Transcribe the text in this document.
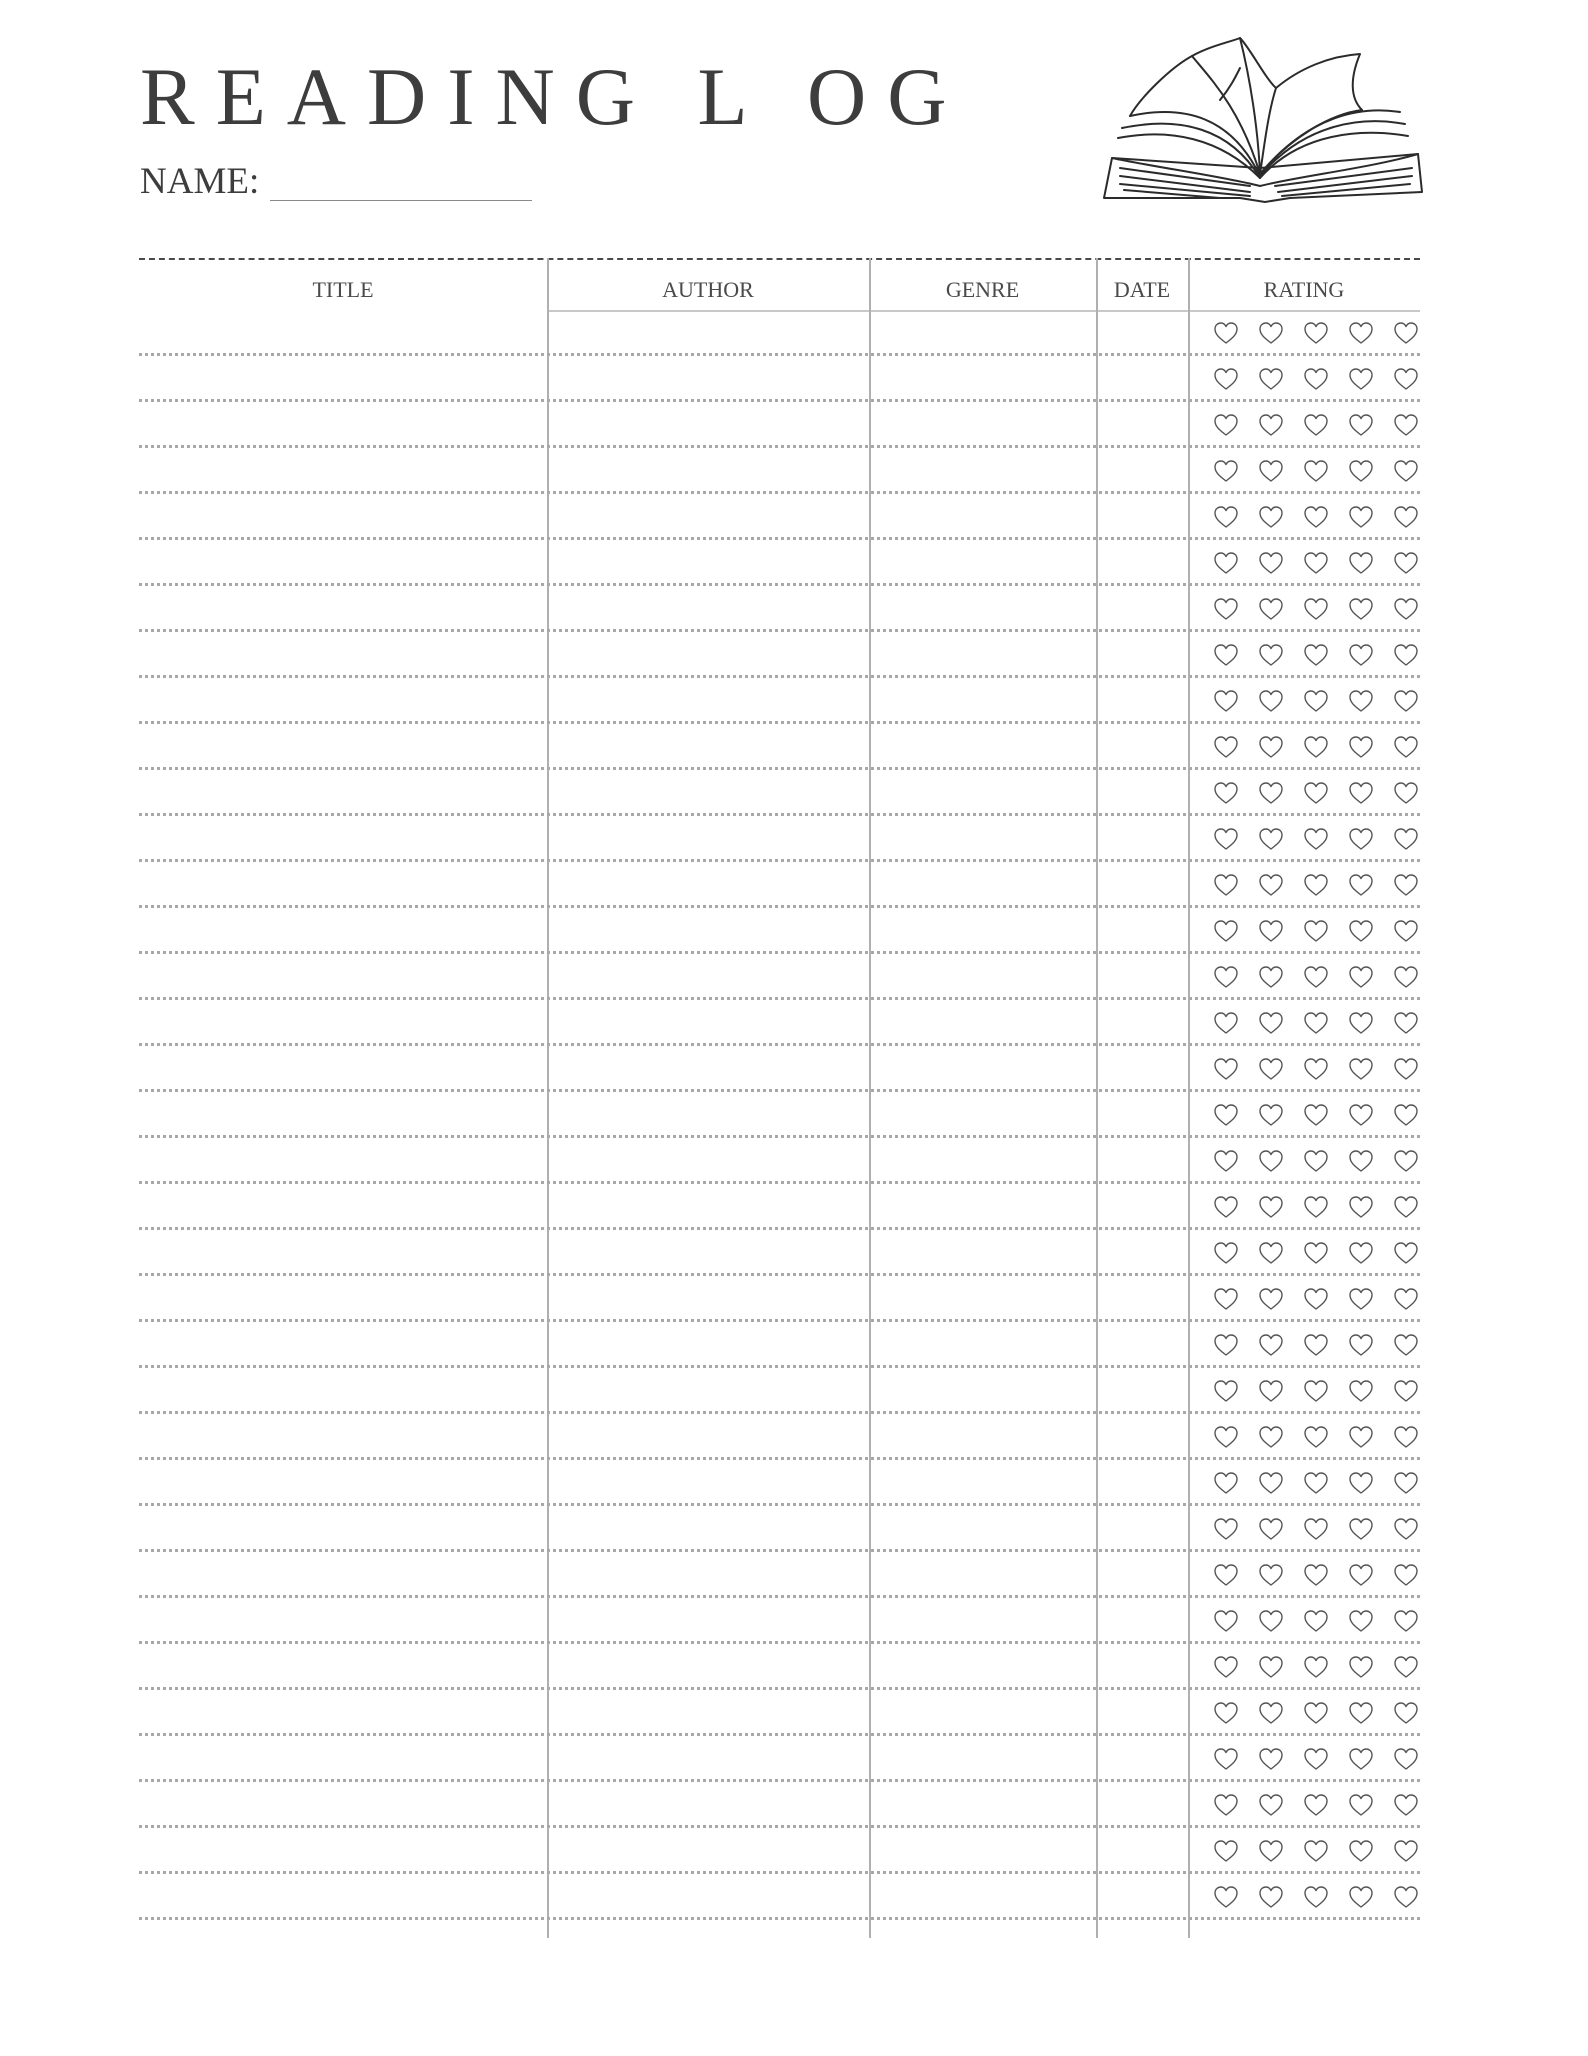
READING L OG
NAME:
TITLE	AUTHOR	GENRE	DATE	RATING
